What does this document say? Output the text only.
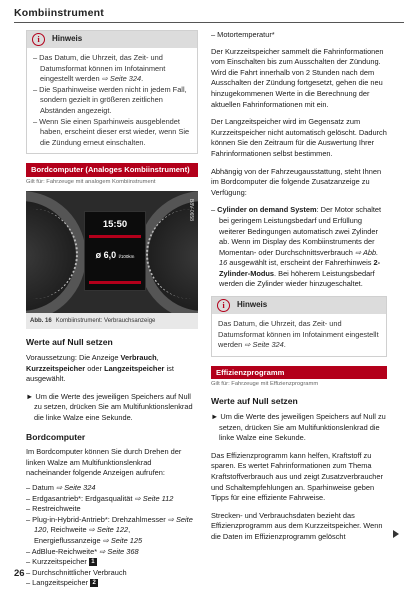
Kombiinstrument
i	Hinweis

– Das Datum, die Uhrzeit, das Zeit- und Datumsformat können im Infotainment eingestellt werden ⇨ Seite 324.

– Die Sparhinweise werden nicht in jedem Fall, sondern gezielt in größeren zeitlichen Abständen angezeigt.

– Wenn Sie einen Sparhinweis ausgeblendet haben, erscheint dieser erst wieder, wenn Sie die Zündung erneut einschalten.

Bordcomputer (Analoges Kombiinstrument)
Gilt für: Fahrzeuge mit analogem Kombiinstrument
15:50
ø 6,0 l/100km
B8V-0658
Abb. 16 Kombiinstrument: Verbrauchsanzeige
Werte auf Null setzen

Voraussetzung: Die Anzeige Verbrauch, Kurzzeitspeicher oder Langzeitspeicher ist ausgewählt.

► Um die Werte des jeweiligen Speichers auf Null zu setzen, drücken Sie am Multifunktionslenkrad die linke Walze eine Sekunde.

Bordcomputer

Im Bordcomputer können Sie durch Drehen der linken Walze am Multifunktionslenkrad nacheinander folgende Anzeigen aufrufen:

– Datum ⇨ Seite 324

– Erdgasantrieb*: Erdgasqualität ⇨ Seite 112

– Restreichweite

– Plug-in-Hybrid-Antrieb*: Drehzahlmesser ⇨ Seite 120, Reichweite ⇨ Seite 122, Energieflussanzeige ⇨ Seite 125

– AdBlue-Reichweite* ⇨ Seite 368

– Kurzzeitspeicher 1

– Durchschnittlicher Verbrauch

– Langzeitspeicher 2

– Motortemperatur*

Der Kurzzeitspeicher sammelt die Fahrinformationen vom Einschalten bis zum Ausschalten der Zündung. Wird die Fahrt innerhalb von 2 Stunden nach dem Ausschalten der Zündung fortgesetzt, gehen die neu hinzugekommenen Werte in die Berechnung der aktuellen Fahrinformationen mit ein.

Der Langzeitspeicher wird im Gegensatz zum Kurzzeitspeicher nicht automatisch gelöscht. Dadurch können Sie den Zeitraum für die Auswertung Ihrer Fahrinformationen selbst bestimmen.

Abhängig von der Fahrzeugausstattung, steht Ihnen im Bordcomputer die folgende Zusatzanzeige zu Verfügung:

– Cylinder on demand System: Der Motor schaltet bei geringem Leistungsbedarf und Erfüllung weiterer Bedingungen automatisch zwei Zylinder ab. Wenn im Display des Kombiinstruments der Momentan- oder Durchschnittsverbrauch ⇨ Abb. 16 ausgewählt ist, erscheint der Fahrerhinweis 2-Zylinder-Modus. Bei höherem Leistungsbedarf werden die Zylinder wieder hinzugeschaltet.

i	Hinweis

Das Datum, die Uhrzeit, das Zeit- und Datumsformat können im Infotainment eingestellt werden ⇨ Seite 324.

Effizienzprogramm
Gilt für: Fahrzeuge mit Effizienzprogramm
Werte auf Null setzen

► Um die Werte des jeweiligen Speichers auf Null zu setzen, drücken Sie am Multifunktionslenkrad die linke Walze eine Sekunde.

Das Effizienzprogramm kann helfen, Kraftstoff zu sparen. Es wertet Fahrinformationen zum Thema Kraftstoffverbrauch aus und zeigt Zusatzverbraucher und Schaltempfehlungen an. Sparhinweise geben Tipps für eine effiziente Fahrweise.

Strecken- und Verbrauchsdaten bezieht das Effizienzprogramm aus dem Kurzzeitspeicher. Wenn die Daten im Effizienzprogramm gelöscht

26
